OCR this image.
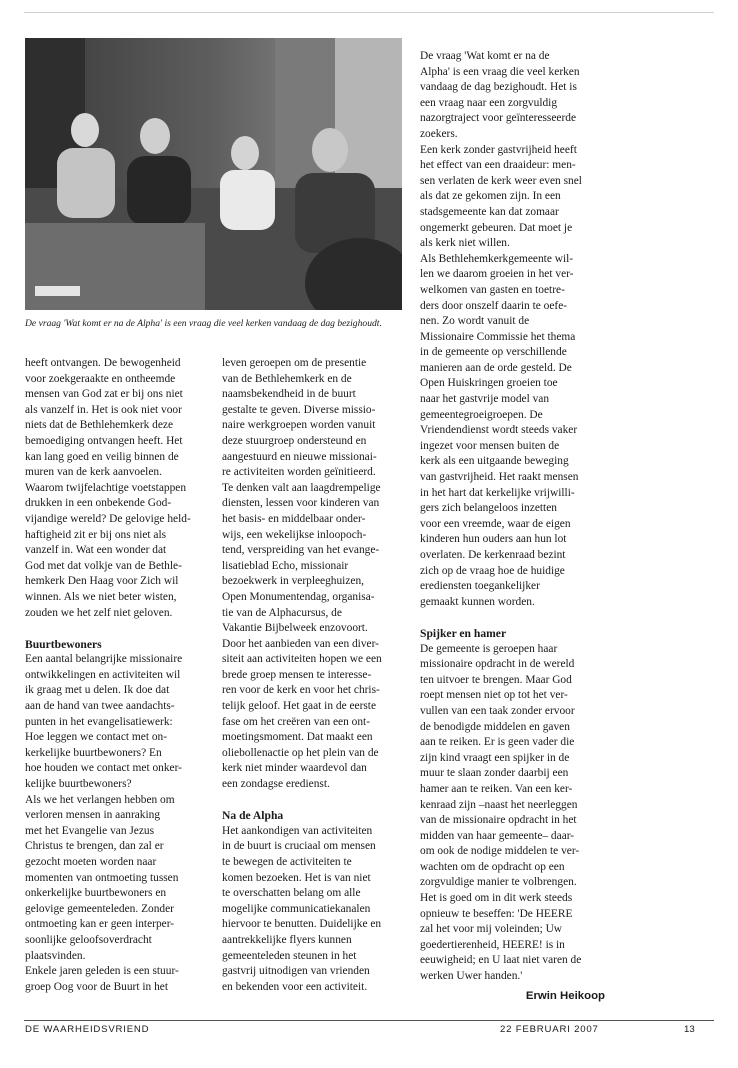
De vraag 'Wat komt er na de Alpha' is een vraag die veel kerken vandaag de dag bezighoudt.

heeft ontvangen. De bewogenheid
voor zoekgeraakte en ontheemde
mensen van God zat er bij ons niet
als vanzelf in. Het is ook niet voor
niets dat de Bethlehemkerk deze
bemoediging ontvangen heeft. Het
kan lang goed en veilig binnen de
muren van de kerk aanvoelen.
Waarom twijfelachtige voetstappen
drukken in een onbekende God-
vijandige wereld? De gelovige held-
haftigheid zit er bij ons niet als
vanzelf in. Wat een wonder dat
God met dat volkje van de Bethle-
hemkerk Den Haag voor Zich wil
winnen. Als we niet beter wisten,
zouden we het zelf niet geloven.

Buurtbewoners

Een aantal belangrijke missionaire
ontwikkelingen en activiteiten wil
ik graag met u delen. Ik doe dat
aan de hand van twee aandachts-
punten in het evangelisatiewerk:
Hoe leggen we contact met on-
kerkelijke buurtbewoners? En
hoe houden we contact met onker-
kelijke buurtbewoners?
Als we het verlangen hebben om
verloren mensen in aanraking
met het Evangelie van Jezus
Christus te brengen, dan zal er
gezocht moeten worden naar
momenten van ontmoeting tussen
onkerkelijke buurtbewoners en
gelovige gemeenteleden. Zonder
ontmoeting kan er geen interper-
soonlijke geloofsoverdracht
plaatsvinden.
Enkele jaren geleden is een stuur-
groep Oog voor de Buurt in het

leven geroepen om de presentie
van de Bethlehemkerk en de
naamsbekendheid in de buurt
gestalte te geven. Diverse missio-
naire werkgroepen worden vanuit
deze stuurgroep ondersteund en
aangestuurd en nieuwe missionai-
re activiteiten worden geïnitieerd.
Te denken valt aan laagdrempelige
diensten, lessen voor kinderen van
het basis- en middelbaar onder-
wijs, een wekelijkse inloopoch-
tend, verspreiding van het evange-
lisatieblad Echo, missionair
bezoekwerk in verpleeghuizen,
Open Monumentendag, organisa-
tie van de Alphacursus, de
Vakantie Bijbelweek enzovoort.
Door het aanbieden van een diver-
siteit aan activiteiten hopen we een
brede groep mensen te interesse-
ren voor de kerk en voor het chris-
telijk geloof. Het gaat in de eerste
fase om het creëren van een ont-
moetingsmoment. Dat maakt een
oliebollenactie op het plein van de
kerk niet minder waardevol dan
een zondagse eredienst.

Na de Alpha

Het aankondigen van activiteiten
in de buurt is cruciaal om mensen
te bewegen de activiteiten te
komen bezoeken. Het is van niet
te overschatten belang om alle
mogelijke communicatiekanalen
hiervoor te benutten. Duidelijke en
aantrekkelijke flyers kunnen
gemeenteleden steunen in het
gastvrij uitnodigen van vrienden
en bekenden voor een activiteit.

De vraag 'Wat komt er na de
Alpha' is een vraag die veel kerken
vandaag de dag bezighoudt. Het is
een vraag naar een zorgvuldig
nazorgtraject voor geïnteresseerde
zoekers.
Een kerk zonder gastvrijheid heeft
het effect van een draaideur: men-
sen verlaten de kerk weer even snel
als dat ze gekomen zijn. In een
stadsgemeente kan dat zomaar
ongemerkt gebeuren. Dat moet je
als kerk niet willen.
Als Bethlehemkerkgemeente wil-
len we daarom groeien in het ver-
welkomen van gasten en toetre-
ders door onszelf daarin te oefe-
nen. Zo wordt vanuit de
Missionaire Commissie het thema
in de gemeente op verschillende
manieren aan de orde gesteld. De
Open Huiskringen groeien toe
naar het gastvrije model van
gemeentegroeigroepen. De
Vriendendienst wordt steeds vaker
ingezet voor mensen buiten de
kerk als een uitgaande beweging
van gastvrijheid. Het raakt mensen
in het hart dat kerkelijke vrijwilli-
gers zich belangeloos inzetten
voor een vreemde, waar de eigen
kinderen hun ouders aan hun lot
overlaten. De kerkenraad bezint
zich op de vraag hoe de huidige
erediensten toegankelijker
gemaakt kunnen worden.

Spijker en hamer

De gemeente is geroepen haar
missionaire opdracht in de wereld
ten uitvoer te brengen. Maar God
roept mensen niet op tot het ver-
vullen van een taak zonder ervoor
de benodigde middelen en gaven
aan te reiken. Er is geen vader die
zijn kind vraagt een spijker in de
muur te slaan zonder daarbij een
hamer aan te reiken. Van een ker-
kenraad zijn –naast het neerleggen
van de missionaire opdracht in het
midden van haar gemeente– daar-
om ook de nodige middelen te ver-
wachten om de opdracht op een
zorgvuldige manier te volbrengen.
Het is goed om in dit werk steeds
opnieuw te beseffen: 'De HEERE
zal het voor mij voleinden; Uw
goedertierenheid, HEERE! is in
eeuwigheid; en U laat niet varen de
werken Uwer handen.'

Erwin Heikoop
DE WAARHEIDSVRIEND	22 FEBRUARI 2007	13
